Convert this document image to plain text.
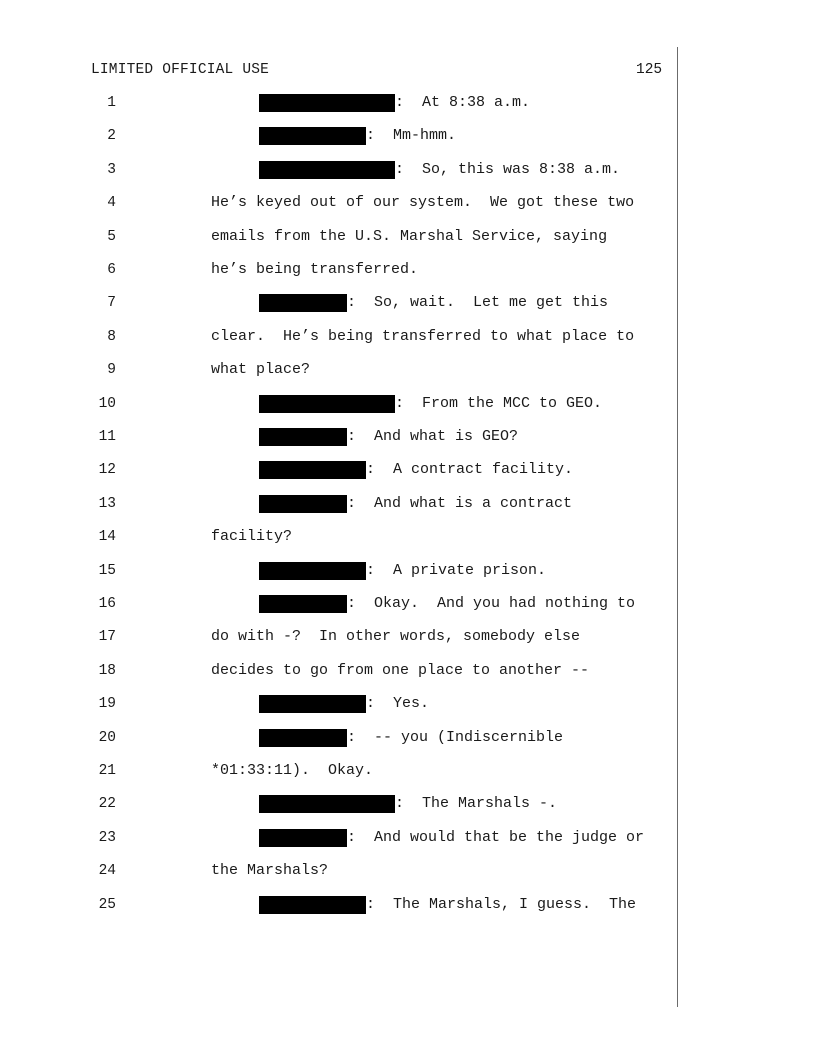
LIMITED OFFICIAL USE	125
1	:  At 8:38 a.m.
2	:  Mm-hmm.
3	:  So, this was 8:38 a.m.
4	He’s keyed out of our system.  We got these two
5	emails from the U.S. Marshal Service, saying
6	he’s being transferred.
7	:  So, wait.  Let me get this
8	clear.  He’s being transferred to what place to
9	what place?
10	:  From the MCC to GEO.
11	:  And what is GEO?
12	:  A contract facility.
13	:  And what is a contract
14	facility?
15	:  A private prison.
16	:  Okay.  And you had nothing to
17	do with -?  In other words, somebody else
18	decides to go from one place to another --
19	:  Yes.
20	:  -- you (Indiscernible
21	*01:33:11).  Okay.
22	:  The Marshals -.
23	:  And would that be the judge or
24	the Marshals?
25	:  The Marshals, I guess.  The
